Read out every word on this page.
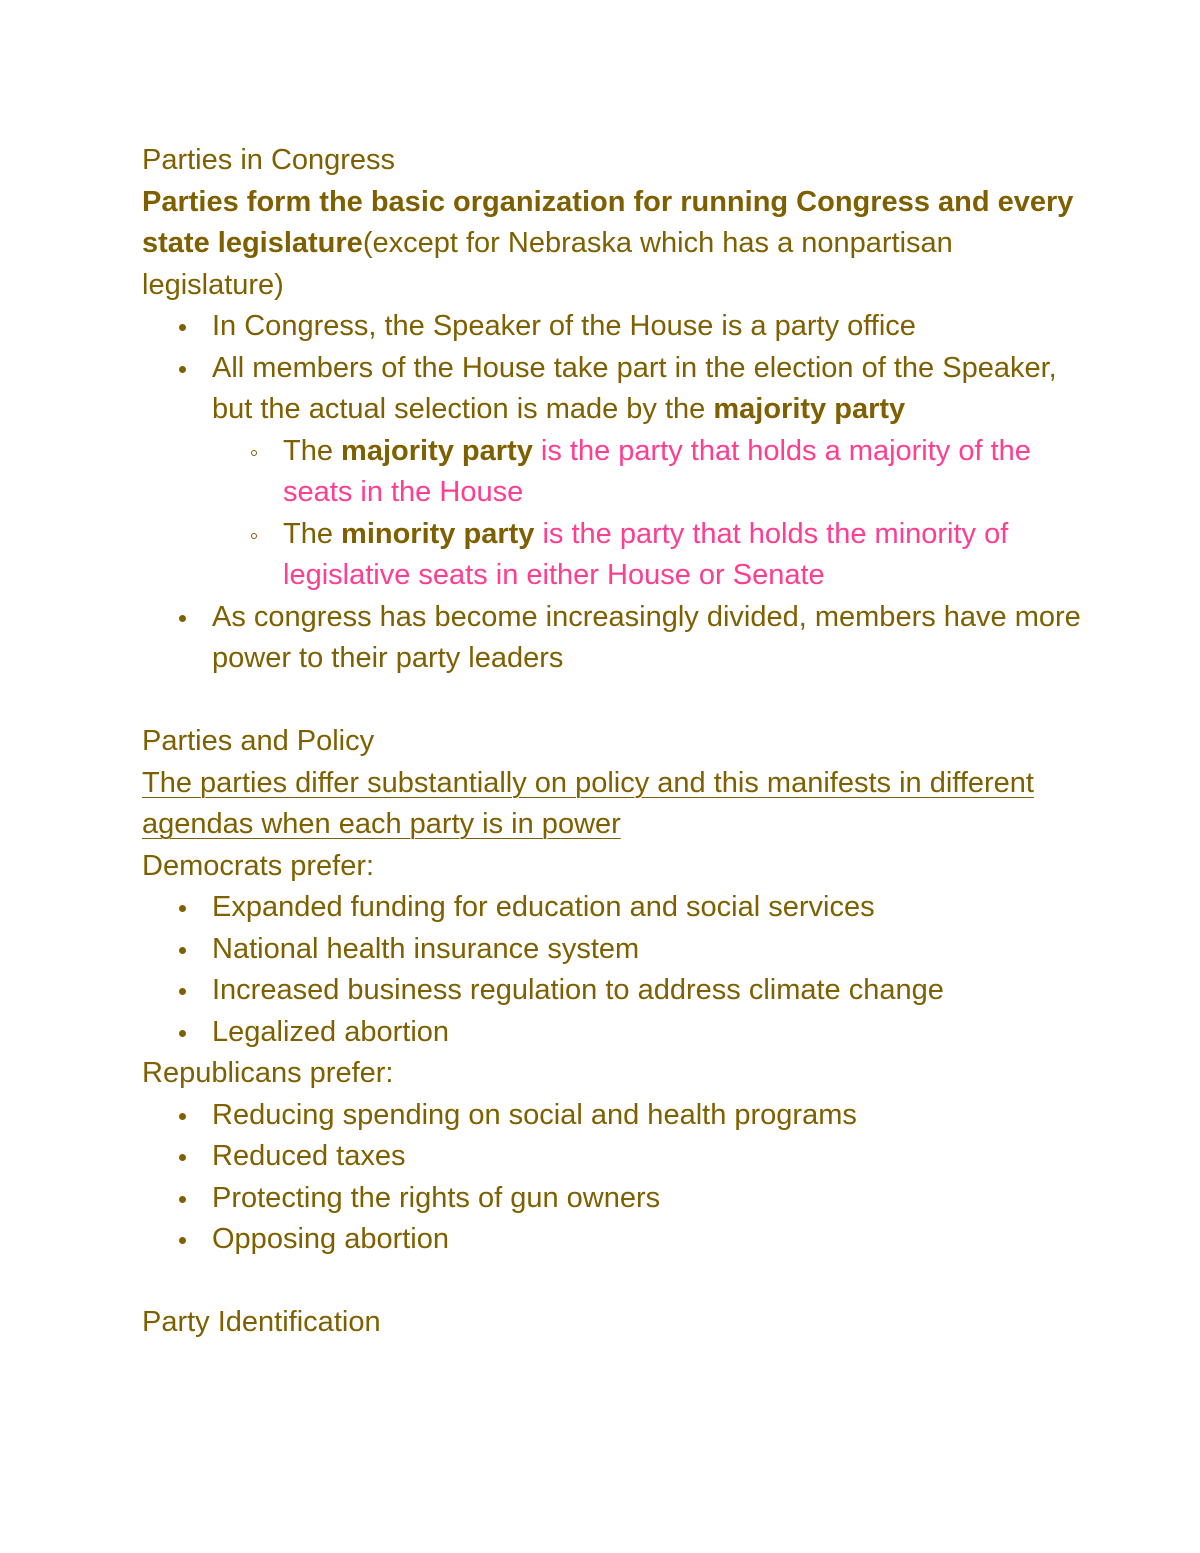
Parties in Congress

Parties form the basic organization for running Congress and every state legislature(except for Nebraska which has a nonpartisan legislature)

In Congress, the Speaker of the House is a party office
All members of the House take part in the election of the Speaker, but the actual selection is made by the majority party
The majority party is the party that holds a majority of the seats in the House
The minority party is the party that holds the minority of legislative seats in either House or Senate
As congress has become increasingly divided, members have more power to their party leaders

Parties and Policy

The parties differ substantially on policy and this manifests in different agendas when each party is in power

Democrats prefer:

Expanded funding for education and social services
National health insurance system
Increased business regulation to address climate change
Legalized abortion

Republicans prefer:

Reducing spending on social and health programs
Reduced taxes
Protecting the rights of gun owners
Opposing abortion

Party Identification
